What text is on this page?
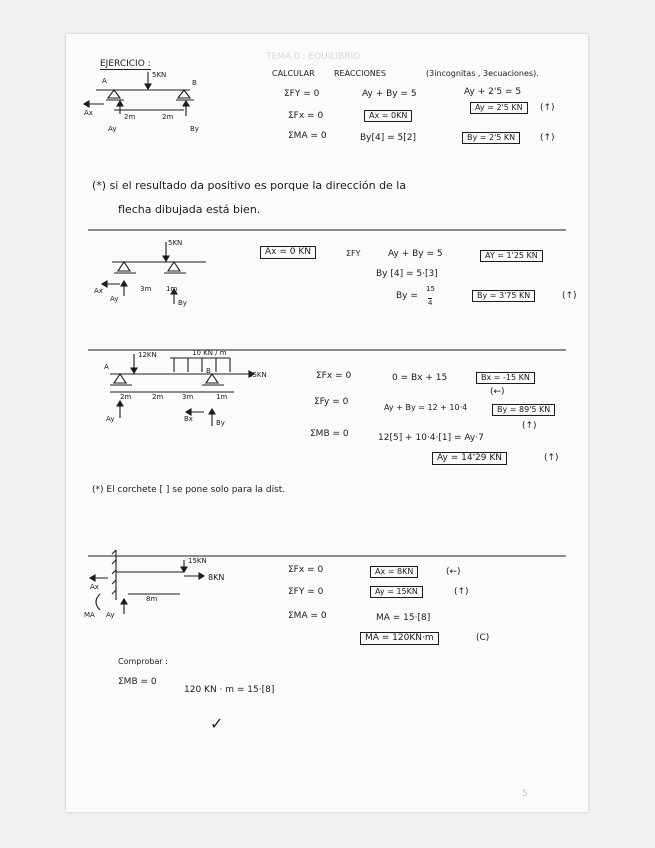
TEMA 0 : EQUILIBRIO
EJERCICIO :
A
5KN
B
2m	2m
Ax
Ay	By
CALCULAR REACCIONES	(3incognitas , 3ecuaciones).
ΣFY = 0	Ay + By = 5	Ay + 2'5 = 5
Ay = 2'5 KN	(↑)
ΣFx = 0	Ax = 0KN
ΣMA = 0	By[4] = 5[2]	By = 2'5 KN	(↑)
(*) si el resultado da positivo es porque la dirección de la
flecha dibujada está bien.
5KN
3m 1m
Ax
Ay	By
Ax = 0 KN	ΣFY	Ay + By = 5	AY = 1'25 KN
By [4] = 5·[3]
By =
15
4
By = 3'75 KN	(↑)
12KN	10 KN / m
15KN
A	B
2m	2m	3m	1m
Ay	Bx	By
ΣFx = 0	0 = Bx + 15	Bx = -15 KN
(←)
ΣFy = 0
Ay + By = 12 + 10·4	By = 89'5 KN
(↑)
ΣMB = 0	12[5] + 10·4·[1] = Ay·7
Ay = 14'29 KN	(↑)
(*) El corchete [ ] se pone solo para la dist.
15KN
8KN
Ax
MA Ay
8m
ΣFx = 0	Ax = 8KN	(←)
ΣFY = 0	Ay = 15KN	(↑)
ΣMA = 0	MA = 15·[8]
MA = 120KN·m	(C)
Comprobar :
ΣMB = 0
120 KN · m = 15·[8]
✓
5
